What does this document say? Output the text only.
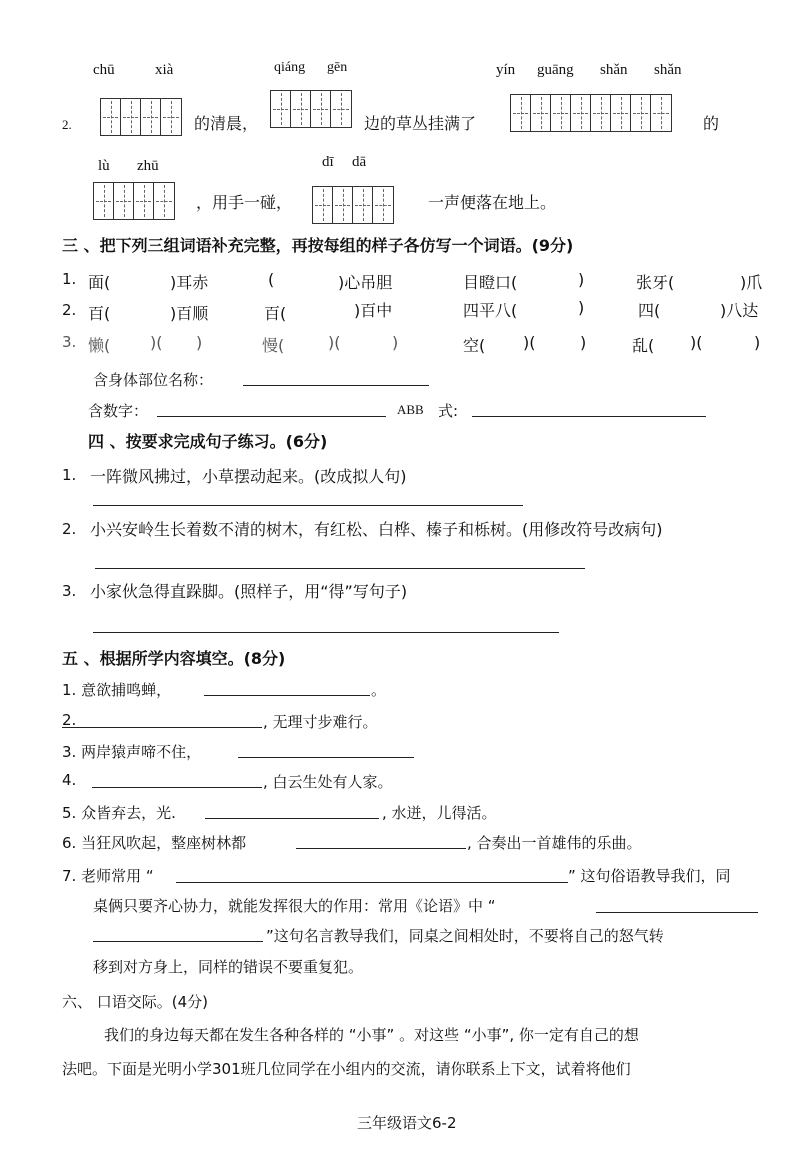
chū	xià	qiáng gēn	yín guāng shǎn shǎn
2.	的清晨，	边的草丛挂满了	的
lù zhū	dī dā
，用手一碰，	一声便落在地上。
三 、把下列三组词语补充完整，再按每组的样子各仿写一个词语。(9分)
1. 面(	)耳赤	(	)心吊胆	目瞪口(	)	张牙(	)爪
2. 百(	)百顺	百(	)百中	四平八(	)	四(	)八达
3. 懒( )( )	慢(	)(	)	空( )(	)	乱( )(	)
含身体部位名称：
含数字：	ABB 式:
四 、按要求完成句子练习。(6分)
1. 一阵微风拂过，小草摆动起来。(改成拟人句)
2. 小兴安岭生长着数不清的树木，有红松、白桦、榛子和栎树。(用修改符号改病句)
3. 小家伙急得直跺脚。(照样子，用“得”写句子)
五 、根据所学内容填空。(8分)
1. 意欲捕鸣蝉，	。
2.	, 无理寸步难行。
3. 两岸猿声啼不住，
4.	, 白云生处有人家。
5. 众皆弃去，光.	, 水迸，儿得活。
6. 当狂风吹起，整座树林都	, 合奏出一首雄伟的乐曲。
7. 老师常用 “	” 这句俗语教导我们，同
桌俩只要齐心协力，就能发挥很大的作用：常用《论语》中 “
”这句名言教导我们，同桌之间相处时，不要将自己的怒气转
移到对方身上，同样的错误不要重复犯。
六、 口语交际。(4分)
我们的身边每天都在发生各种各样的 “小事” 。对这些 “小事”, 你一定有自己的想
法吧。下面是光明小学301班几位同学在小组内的交流，请你联系上下文，试着将他们
三年级语文6-2
